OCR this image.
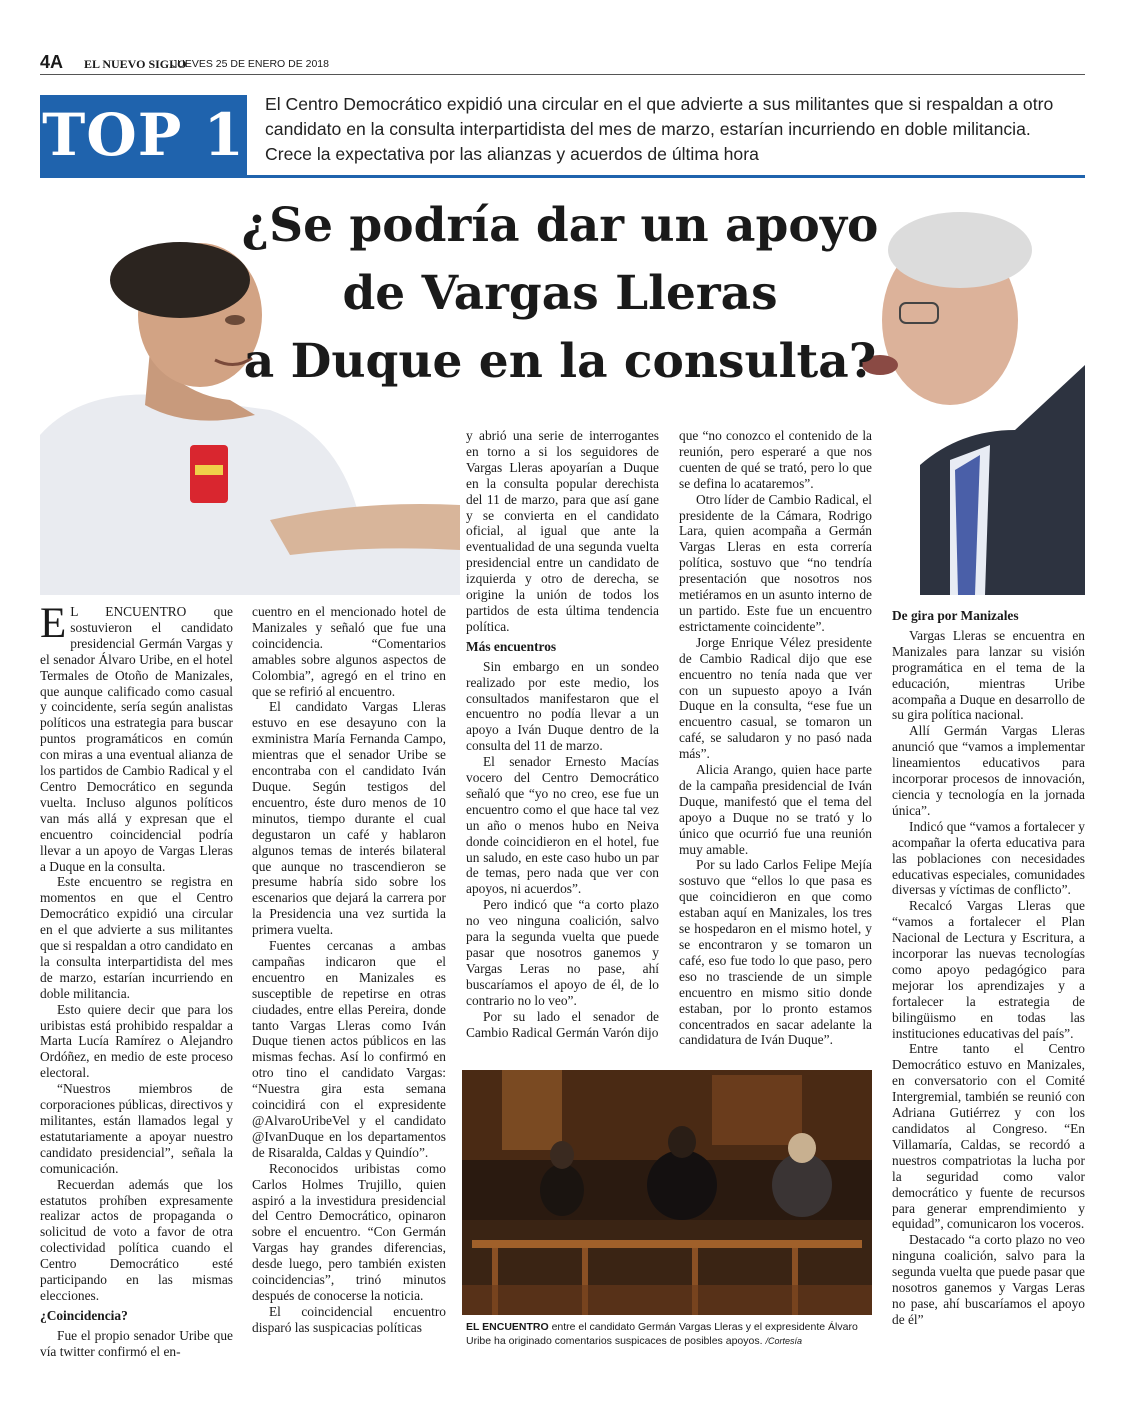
4A EL NUEVO SIGLO
JUEVES 25 DE ENERO DE 2018
TOP 1 El Centro Democrático expidió una circular en el que advierte a sus militantes que si respaldan a otro candidato en la consulta interpartidista del mes de marzo, estarían incurriendo en doble militancia. Crece la expectativa por las alianzas y acuerdos de última hora
¿Se podría dar un apoyo
de Vargas Lleras
a Duque en la consulta?

E L ENCUENTRO que sostuvieron el candidato presidencial Germán Vargas y el senador Álvaro Uribe, en el hotel Termales de Otoño de Manizales, que aunque calificado como casual y coincidente, sería según analistas políticos una estrategia para buscar puntos programáticos en común con miras a una eventual alianza de los partidos de Cambio Radical y el Centro Democrático en segunda vuelta. Incluso algunos políticos van más allá y expresan que el encuentro coincidencial podría llevar a un apoyo de Vargas Lleras a Duque en la consulta.

Este encuentro se registra en momentos en que el Centro Democrático expidió una circular en el que advierte a sus militantes que si respaldan a otro candidato en la consulta interpartidista del mes de marzo, estarían incurriendo en doble militancia.

Esto quiere decir que para los uribistas está prohibido respaldar a Marta Lucía Ramírez o Alejandro Ordóñez, en medio de este proceso electoral.

“Nuestros miembros de corporaciones públicas, directivos y militantes, están llamados legal y estatutariamente a apoyar nuestro candidato presidencial”, señala la comunicación.

Recuerdan además que los estatutos prohíben expresamente realizar actos de propaganda o solicitud de voto a favor de otra colectividad política cuando el Centro Democrático esté participando en las mismas elecciones.

¿Coincidencia?

Fue el propio senador Uribe que vía twitter confirmó el en-

cuentro en el mencionado hotel de Manizales y señaló que fue una coincidencia. “Comentarios amables sobre algunos aspectos de Colombia”, agregó en el trino en que se refirió al encuentro.

El candidato Vargas Lleras estuvo en ese desayuno con la exministra María Fernanda Campo, mientras que el senador Uribe se encontraba con el candidato Iván Duque. Según testigos del encuentro, éste duro menos de 10 minutos, tiempo durante el cual degustaron un café y hablaron algunos temas de interés bilateral que aunque no trascendieron se presume habría sido sobre los escenarios que dejará la carrera por la Presidencia una vez surtida la primera vuelta.

Fuentes cercanas a ambas campañas indicaron que el encuentro en Manizales es susceptible de repetirse en otras ciudades, entre ellas Pereira, donde tanto Vargas Lleras como Iván Duque tienen actos públicos en las mismas fechas. Así lo confirmó en otro tino el candidato Vargas: “Nuestra gira esta semana coincidirá con el expresidente @AlvaroUribeVel y el candidato @IvanDuque en los departamentos de Risaralda, Caldas y Quindío”.

Reconocidos uribistas como Carlos Holmes Trujillo, quien aspiró a la investidura presidencial del Centro Democrático, opinaron sobre el encuentro. “Con Germán Vargas hay grandes diferencias, desde luego, pero también existen coincidencias”, trinó minutos después de conocerse la noticia.

El coincidencial encuentro disparó las suspicacias políticas

y abrió una serie de interrogantes en torno a si los seguidores de Vargas Lleras apoyarían a Duque en la consulta popular derechista del 11 de marzo, para que así gane y se convierta en el candidato oficial, al igual que ante la eventualidad de una segunda vuelta presidencial entre un candidato de izquierda y otro de derecha, se origine la unión de todos los partidos de esta última tendencia política.

Más encuentros

Sin embargo en un sondeo realizado por este medio, los consultados manifestaron que el encuentro no podía llevar a un apoyo a Iván Duque dentro de la consulta del 11 de marzo.

El senador Ernesto Macías vocero del Centro Democrático señaló que “yo no creo, ese fue un encuentro como el que hace tal vez un año o menos hubo en Neiva donde coincidieron en el hotel, fue un saludo, en este caso hubo un par de temas, pero nada que ver con apoyos, ni acuerdos”.

Pero indicó que “a corto plazo no veo ninguna coalición, salvo para la segunda vuelta que puede pasar que nosotros ganemos y Vargas Leras no pase, ahí buscaríamos el apoyo de él, de lo contrario no lo veo”.

Por su lado el senador de Cambio Radical Germán Varón dijo

que “no conozco el contenido de la reunión, pero esperaré a que nos cuenten de qué se trató, pero lo que se defina lo acataremos”.

Otro líder de Cambio Radical, el presidente de la Cámara, Rodrigo Lara, quien acompaña a Germán Vargas Lleras en esta correría política, sostuvo que “no tendría presentación que nosotros nos metiéramos en un asunto interno de un partido. Este fue un encuentro estrictamente coincidente”.

Jorge Enrique Vélez presidente de Cambio Radical dijo que ese encuentro no tenía nada que ver con un supuesto apoyo a Iván Duque en la consulta, “ese fue un encuentro casual, se tomaron un café, se saludaron y no pasó nada más”.

Alicia Arango, quien hace parte de la campaña presidencial de Iván Duque, manifestó que el tema del apoyo a Duque no se trató y lo único que ocurrió fue una reunión muy amable.

Por su lado Carlos Felipe Mejía sostuvo que “ellos lo que pasa es que coincidieron en que como estaban aquí en Manizales, los tres se hospedaron en el mismo hotel, y se encontraron y se tomaron un café, eso fue todo lo que paso, pero eso no trasciende de un simple encuentro en mismo sitio donde estaban, por lo pronto estamos concentrados en sacar adelante la candidatura de Iván Duque”.

EL ENCUENTRO entre el candidato Germán Vargas Lleras y el expresidente Álvaro Uribe ha originado comentarios suspicaces de posibles apoyos. /Cortesía
De gira por Manizales

Vargas Lleras se encuentra en Manizales para lanzar su visión programática en el tema de la educación, mientras Uribe acompaña a Duque en desarrollo de su gira política nacional.

Allí Germán Vargas Lleras anunció que “vamos a implementar lineamientos educativos para incorporar procesos de innovación, ciencia y tecnología en la jornada única”.

Indicó que “vamos a fortalecer y acompañar la oferta educativa para las poblaciones con necesidades educativas especiales, comunidades diversas y víctimas de conflicto”.

Recalcó Vargas Lleras que “vamos a fortalecer el Plan Nacional de Lectura y Escritura, a incorporar las nuevas tecnologías como apoyo pedagógico para mejorar los aprendizajes y a fortalecer la estrategia de bilingüismo en todas las instituciones educativas del país”.

Entre tanto el Centro Democrático estuvo en Manizales, en conversatorio con el Comité Intergremial, también se reunió con Adriana Gutiérrez y con los candidatos al Congreso. “En Villamaría, Caldas, se recordó a nuestros compatriotas la lucha por la seguridad como valor democrático y fuente de recursos para generar emprendimiento y equidad”, comunicaron los voceros.

Destacado “a corto plazo no veo ninguna coalición, salvo para la segunda vuelta que puede pasar que nosotros ganemos y Vargas Leras no pase, ahí buscaríamos el apoyo de él”
